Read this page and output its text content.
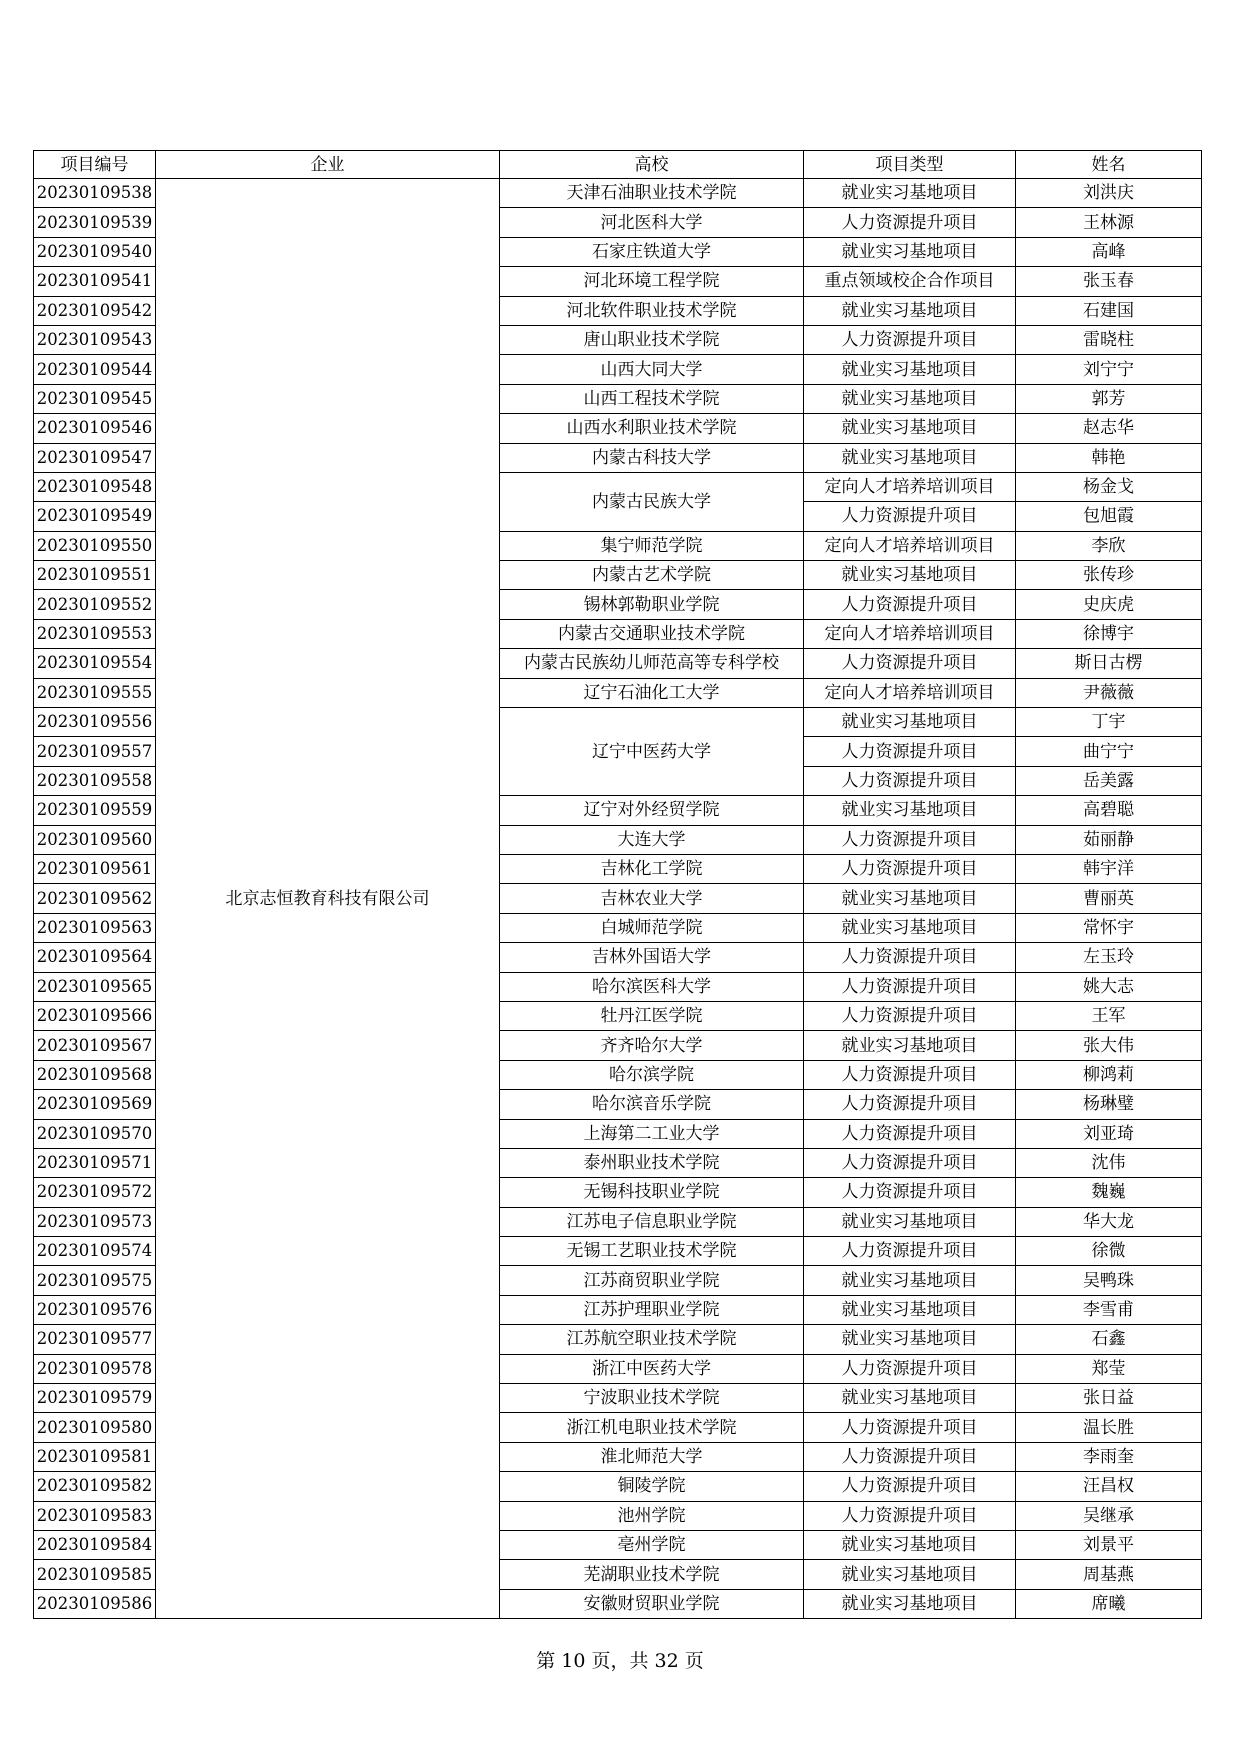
项目编号	企业	高校	项目类型	姓名
20230109538	北京志恒教育科技有限公司	天津石油职业技术学院	就业实习基地项目	刘洪庆
20230109539		河北医科大学	人力资源提升项目	王林源
20230109540		石家庄铁道大学	就业实习基地项目	高峰
20230109541		河北环境工程学院	重点领域校企合作项目	张玉春
20230109542		河北软件职业技术学院	就业实习基地项目	石建国
20230109543		唐山职业技术学院	人力资源提升项目	雷晓柱
20230109544		山西大同大学	就业实习基地项目	刘宁宁
20230109545		山西工程技术学院	就业实习基地项目	郭芳
20230109546		山西水利职业技术学院	就业实习基地项目	赵志华
20230109547		内蒙古科技大学	就业实习基地项目	韩艳
20230109548		内蒙古民族大学	定向人才培养培训项目	杨金戈
20230109549			人力资源提升项目	包旭霞
20230109550		集宁师范学院	定向人才培养培训项目	李欣
20230109551		内蒙古艺术学院	就业实习基地项目	张传珍
20230109552		锡林郭勒职业学院	人力资源提升项目	史庆虎
20230109553		内蒙古交通职业技术学院	定向人才培养培训项目	徐博宇
20230109554		内蒙古民族幼儿师范高等专科学校	人力资源提升项目	斯日古楞
20230109555		辽宁石油化工大学	定向人才培养培训项目	尹薇薇
20230109556		辽宁中医药大学	就业实习基地项目	丁宇
20230109557			人力资源提升项目	曲宁宁
20230109558			人力资源提升项目	岳美露
20230109559		辽宁对外经贸学院	就业实习基地项目	高碧聪
20230109560		大连大学	人力资源提升项目	茹丽静
20230109561		吉林化工学院	人力资源提升项目	韩宇洋
20230109562		吉林农业大学	就业实习基地项目	曹丽英
20230109563		白城师范学院	就业实习基地项目	常怀宇
20230109564		吉林外国语大学	人力资源提升项目	左玉玲
20230109565		哈尔滨医科大学	人力资源提升项目	姚大志
20230109566		牡丹江医学院	人力资源提升项目	王军
20230109567		齐齐哈尔大学	就业实习基地项目	张大伟
20230109568		哈尔滨学院	人力资源提升项目	柳鸿莉
20230109569		哈尔滨音乐学院	人力资源提升项目	杨琳璧
20230109570		上海第二工业大学	人力资源提升项目	刘亚琦
20230109571		泰州职业技术学院	人力资源提升项目	沈伟
20230109572		无锡科技职业学院	人力资源提升项目	魏巍
20230109573		江苏电子信息职业学院	就业实习基地项目	华大龙
20230109574		无锡工艺职业技术学院	人力资源提升项目	徐微
20230109575		江苏商贸职业学院	就业实习基地项目	吴鸭珠
20230109576		江苏护理职业学院	就业实习基地项目	李雪甫
20230109577		江苏航空职业技术学院	就业实习基地项目	石鑫
20230109578		浙江中医药大学	人力资源提升项目	郑莹
20230109579		宁波职业技术学院	就业实习基地项目	张日益
20230109580		浙江机电职业技术学院	人力资源提升项目	温长胜
20230109581		淮北师范大学	人力资源提升项目	李雨奎
20230109582		铜陵学院	人力资源提升项目	汪昌权
20230109583		池州学院	人力资源提升项目	吴继承
20230109584		亳州学院	就业实习基地项目	刘景平
20230109585		芜湖职业技术学院	就业实习基地项目	周基燕
20230109586		安徽财贸职业学院	就业实习基地项目	席曦
第 10 页，共 32 页
